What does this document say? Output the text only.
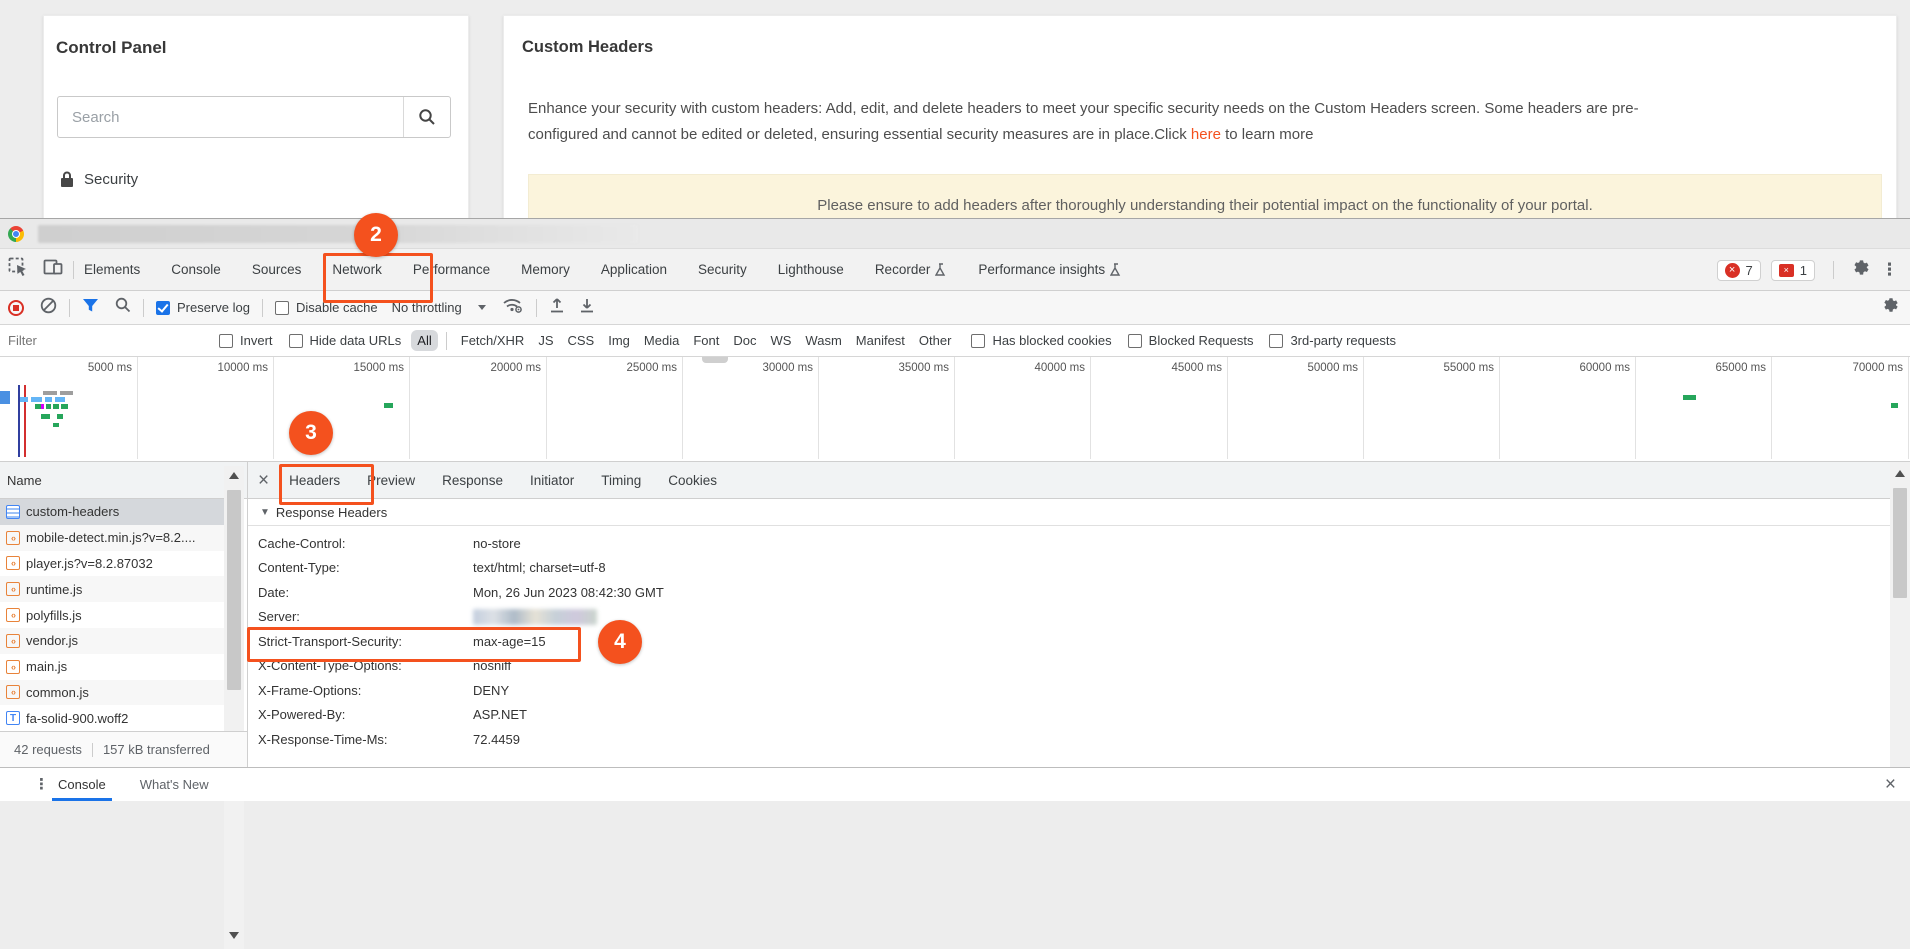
Control Panel
Search
Security
Custom Headers
Enhance your security with custom headers: Add, edit, and delete headers to meet your specific security needs on the Custom Headers screen. Some headers are pre-
configured and cannot be edited or deleted, ensuring essential security measures are in place.Click here to learn more
Please ensure to add headers after thoroughly understanding their potential impact on the functionality of your portal.
Elements Console Sources Network Performance Memory Application Security Lighthouse Recorder	Performance insights	× 7	× 1	⋮
Preserve log	Disable cache No throttling
Filter
Invert	Hide data URLs	All	Fetch/XHR	JS	CSS	Img	Media	Font	Doc	WS	Wasm	Manifest	Other	Has blocked cookies	Blocked Requests	3rd-party requests
5000 ms	10000 ms	15000 ms	20000 ms	25000 ms	30000 ms	35000 ms	40000 ms	45000 ms	50000 ms	55000 ms	60000 ms	65000 ms	70000 ms
Name
custom-headers
‹› mobile-detect.min.js?v=8.2....
‹› player.js?v=8.2.87032
‹› runtime.js
‹› polyfills.js
‹› vendor.js
‹› main.js
‹› common.js
T fa-solid-900.woff2
42 requests 157 kB transferred
× Headers Preview Response Initiator Timing Cookies
▼ Response Headers
Cache-Control:	no-store
Content-Type:	text/html; charset=utf-8
Date:	Mon, 26 Jun 2023 08:42:30 GMT
Server:
Strict-Transport-Security:	max-age=15
X-Content-Type-Options:	nosniff
X-Frame-Options:	DENY
X-Powered-By:	ASP.NET
X-Response-Time-Ms:	72.4459
⋮ Console	What's New	×
2
3
4
